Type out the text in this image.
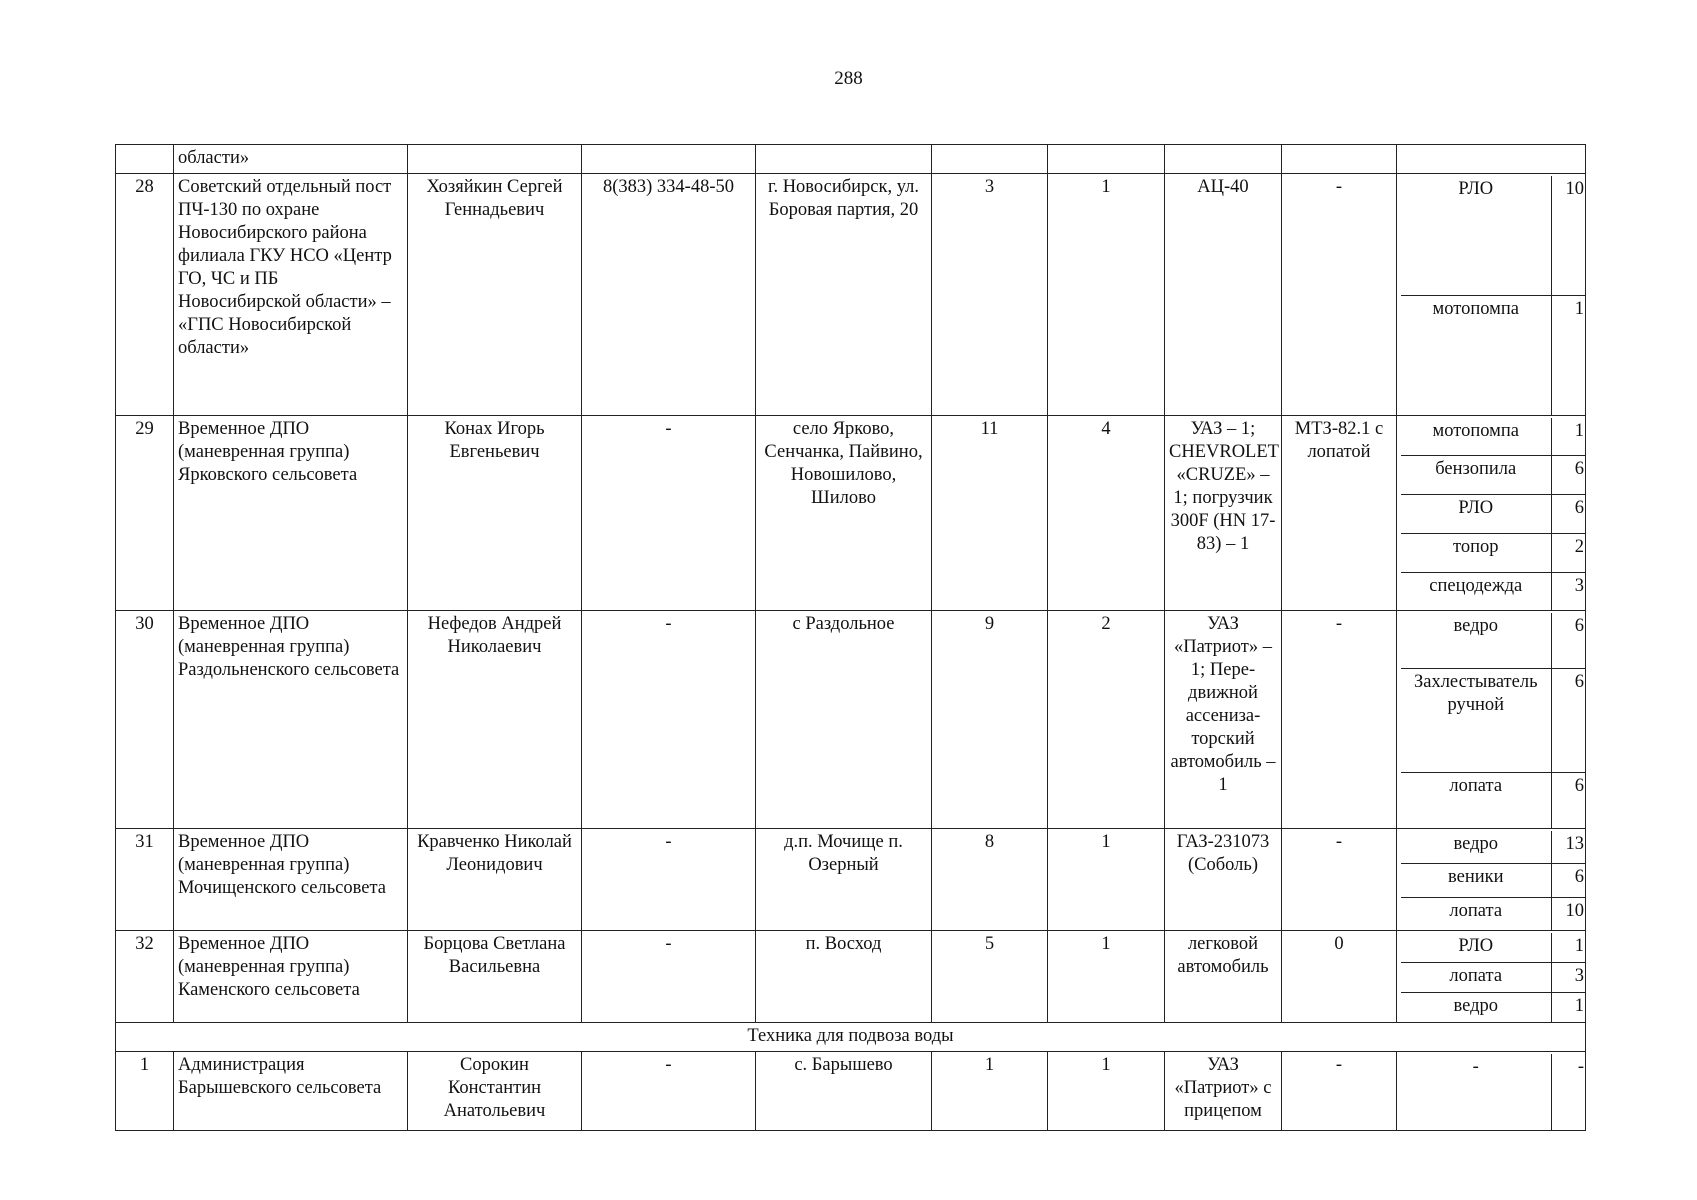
288
	области»								
28	Советский отдельный пост ПЧ-130 по охране Новосибирского района филиала ГКУ НСО «Центр ГО, ЧС и ПБ Новосибирской области» – «ГПС Новосибирской области»	Хозяйкин Сергей Геннадьевич	8(383) 334-48-50	г. Новосибирск, ул. Боровая партия, 20	3	1	АЦ-40	-		РЛО	10
мотопомпа	1

29	Временное ДПО (маневренная группа) Ярковского сельсовета	Конах Игорь Евгеньевич	-	село Ярково, Сенчанка, Пайвино, Новошилово, Шилово	11	4	УАЗ – 1; CHEVROLET «CRUZE» – 1; погрузчик 300F (HN 17-83) – 1	МТЗ-82.1 с лопатой	
мотопомпа	1
бензопила	6
РЛО	6
топор	2
спецодежда	3

30	Временное ДПО (маневренная группа) Раздольненского сельсовета	Нефедов Андрей Николаевич	-	с Раздольное	9	2	УАЗ «Патриот» – 1; Пере-движной ассениза-торский автомобиль – 1	-		ведро	6
Захлестыватель ручной	6
лопата	6

31	Временное ДПО (маневренная группа) Мочищенского сельсовета	Кравченко Николай Леонидович	-	д.п. Мочище п. Озерный	8	1	ГАЗ-231073 (Соболь)	-		ведро	13
веники	6
лопата	10

32	Временное ДПО (маневренная группа) Каменского сельсовета	Борцова Светлана Васильевна	-	п. Восход	5	1	легковой автомобиль	0		РЛО	1
лопата	3
ведро	1

Техника для подвоза воды
1	Администрация Барышевского сельсовета	Сорокин Константин Анатольевич	-	с. Барышево	1	1	УАЗ «Патриот» с прицепом	-		-	-
